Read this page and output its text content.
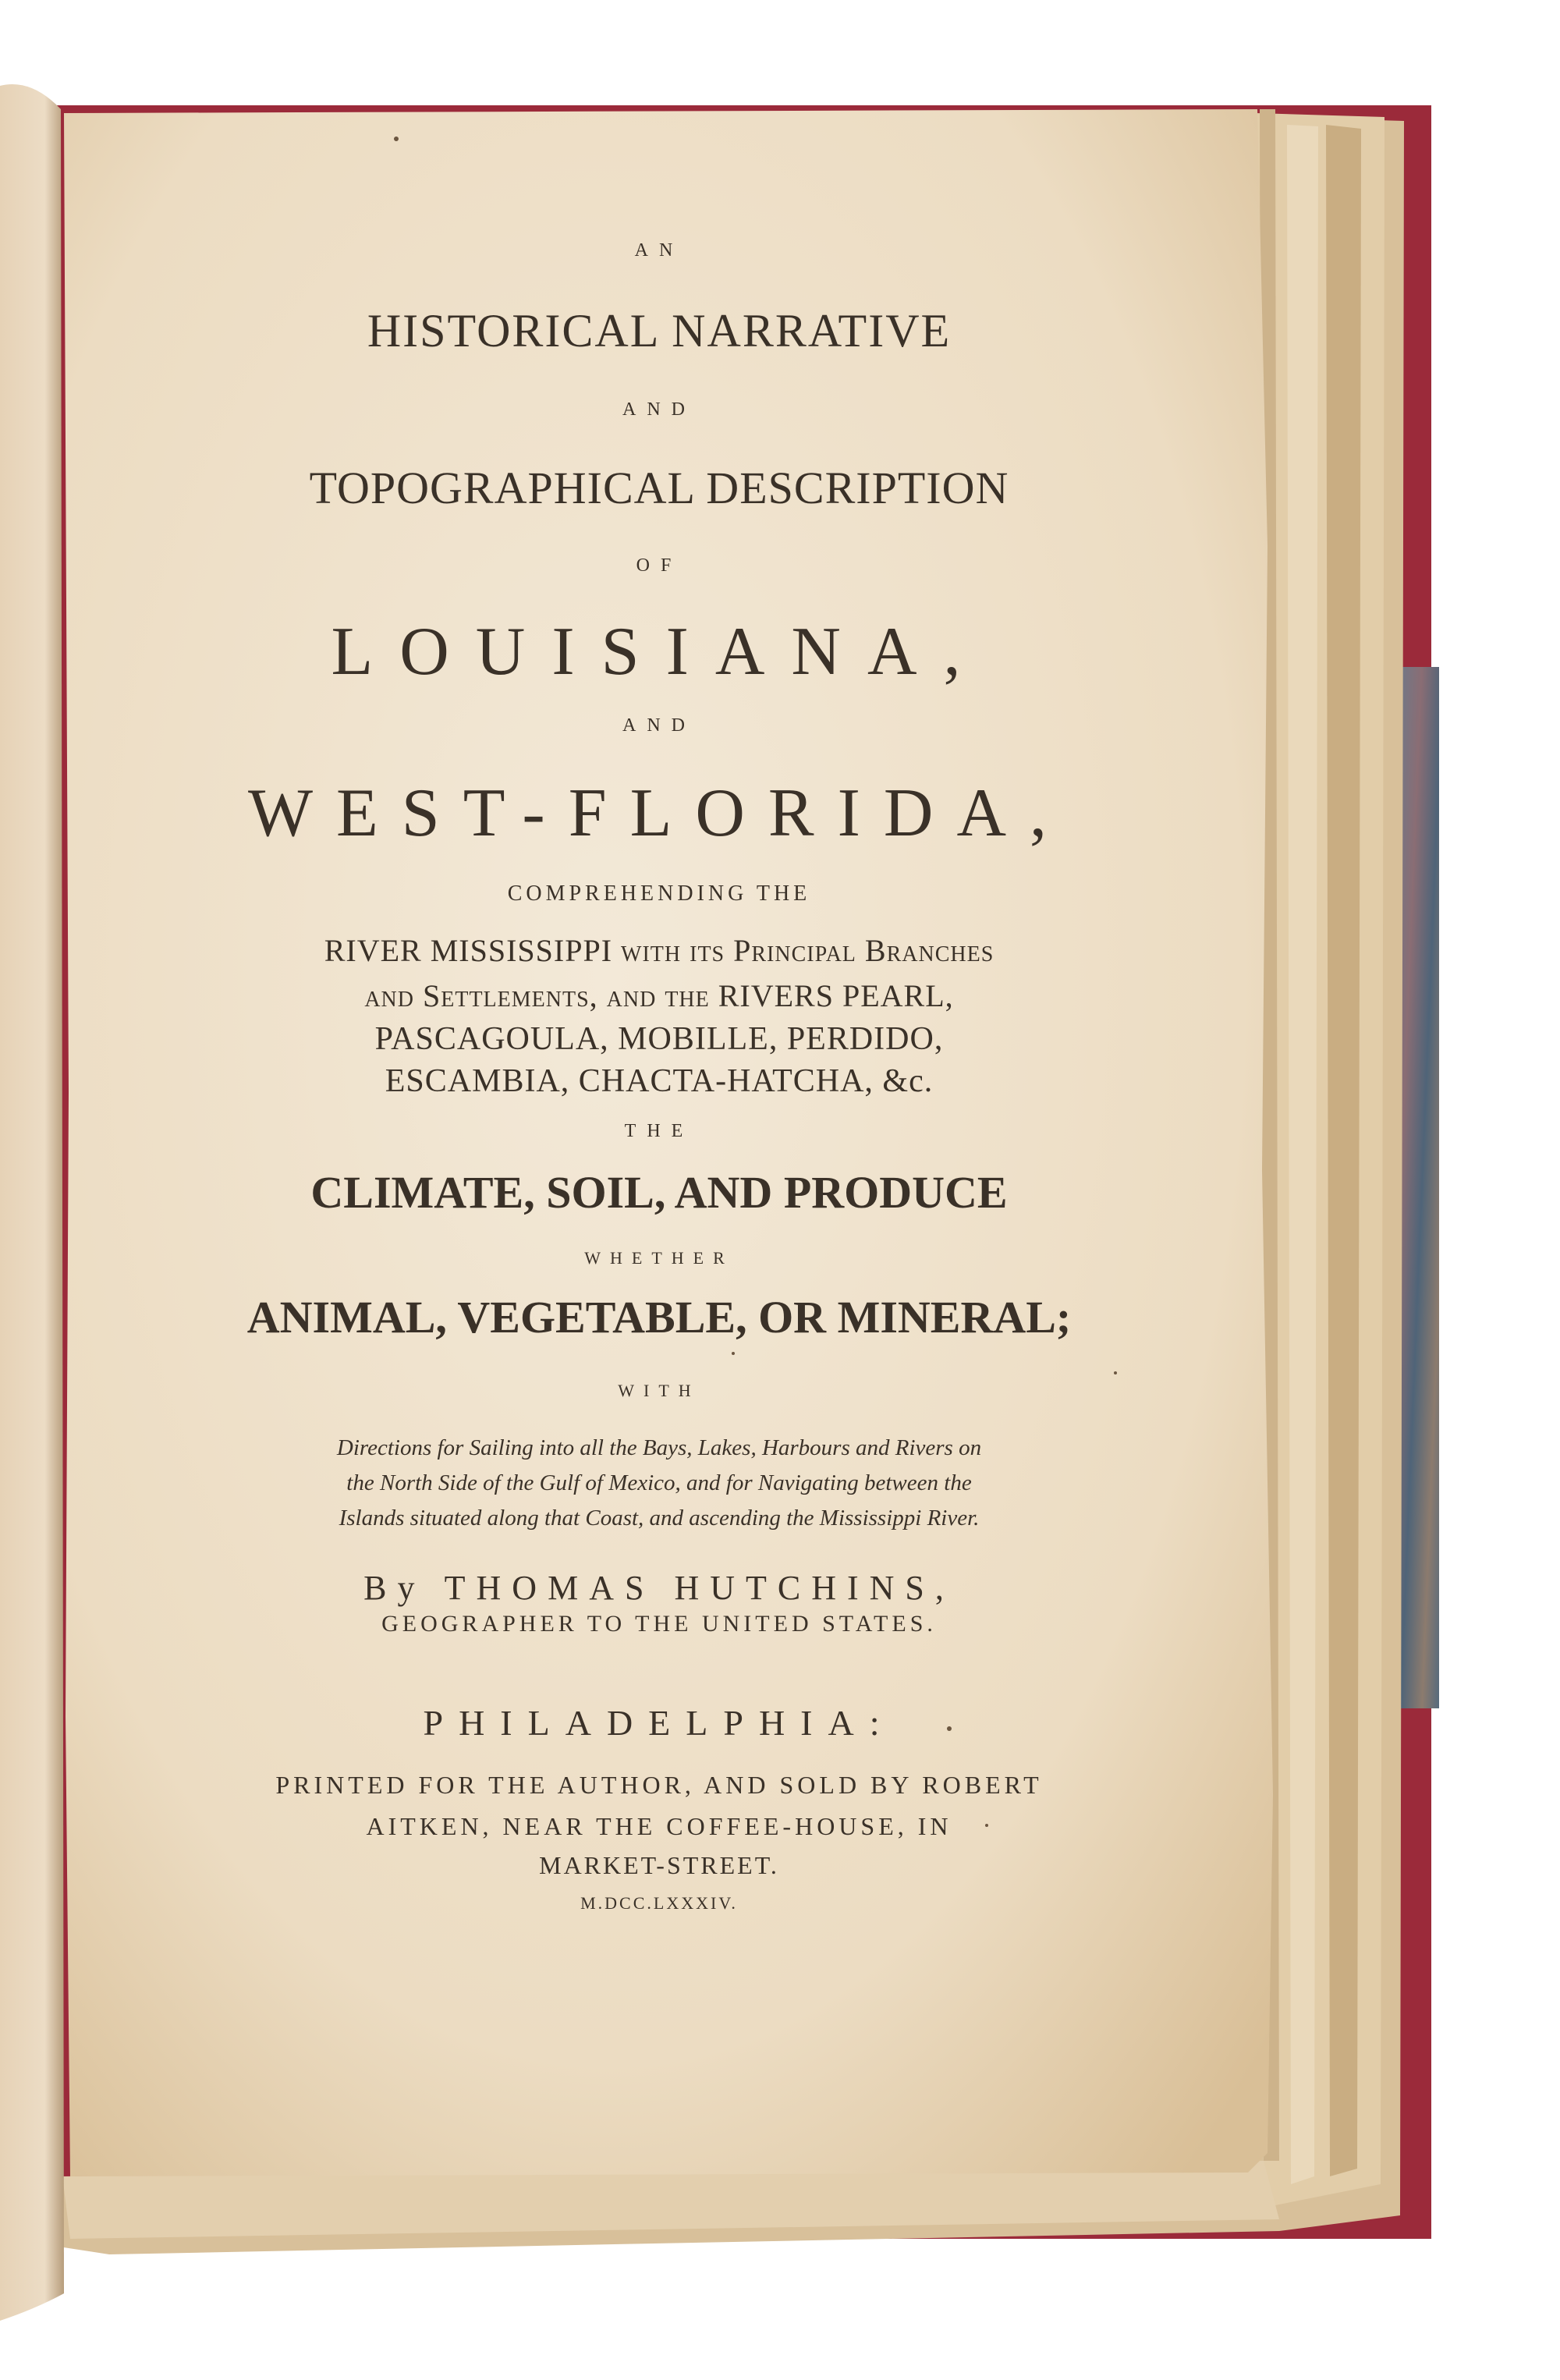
AN
HISTORICAL NARRATIVE
AND
TOPOGRAPHICAL DESCRIPTION
OF
LOUISIANA,
AND
WEST-FLORIDA,
COMPREHENDING THE
RIVER MISSISSIPPI with its Principal Branches
and Settlements, and the RIVERS PEARL,
PASCAGOULA, MOBILLE, PERDIDO,
ESCAMBIA, CHACTA-HATCHA, &c.
THE
CLIMATE, SOIL, AND PRODUCE
WHETHER
ANIMAL, VEGETABLE, OR MINERAL;
WITH
Directions for Sailing into all the Bays, Lakes, Harbours and Rivers on
the North Side of the Gulf of Mexico, and for Navigating between the
Islands situated along that Coast, and ascending the Mississippi River.
By THOMAS HUTCHINS,
GEOGRAPHER TO THE UNITED STATES.
PHILADELPHIA:
PRINTED FOR THE AUTHOR, AND SOLD BY ROBERT
AITKEN, NEAR THE COFFEE-HOUSE, IN
MARKET-STREET.
M.DCC.LXXXIV.
